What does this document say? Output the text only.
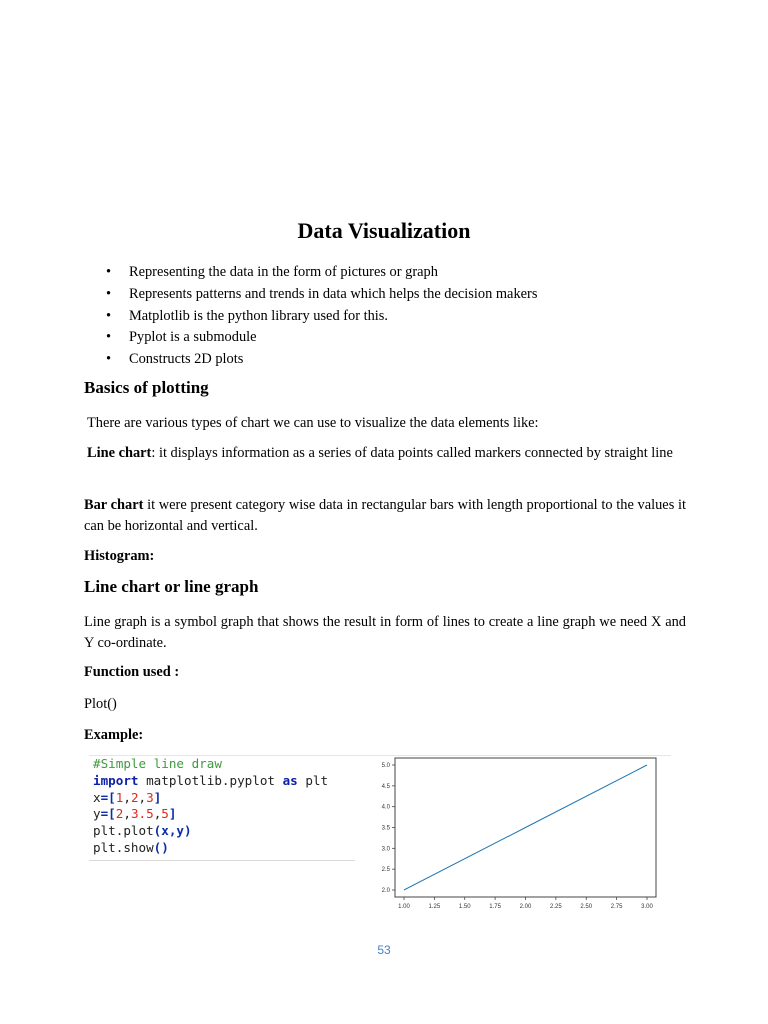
Data Visualization
• Representing the data in the form of pictures or graph
• Represents patterns and trends in data which helps the decision makers
• Matplotlib is the python library used for this.
• Pyplot is a submodule
• Constructs 2D plots
Basics of plotting
There are various types of chart we can use to visualize the data elements like:
Line chart: it displays information as a series of data points called markers connected by straight line
Bar chart it were present category wise data in rectangular bars with length proportional to the values it can be horizontal and vertical.
Histogram:
Line chart or line graph
Line graph is a symbol graph that shows the result in form of lines to create a line graph we need X and Y co-ordinate.
Function used :
Plot()
Example:
#Simple line draw
import matplotlib.pyplot as plt
x=[1,2,3]
y=[2,3.5,5]
plt.plot(x,y)
plt.show()
2.0
2.5
3.0
3.5
4.0
4.5
5.0
1.00	1.25	1.50	1.75	2.00	2.25	2.50	2.75	3.00
53
